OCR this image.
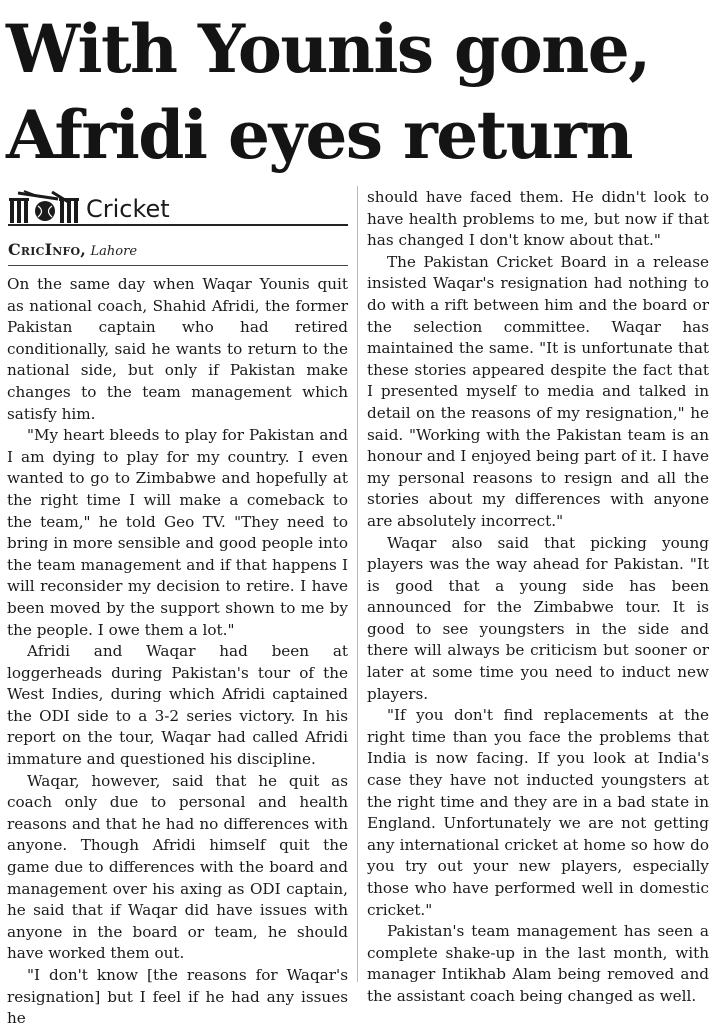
With Younis gone,
Afridi eyes return
Cricket
CricInfo, Lahore

On the same day when Waqar Younis quit as national coach, Shahid Afridi, the former Pakistan captain who had retired conditionally, said he wants to return to the national side, but only if Pakistan make changes to the team management which satisfy him.

"My heart bleeds to play for Pakistan and I am dying to play for my country. I even wanted to go to Zimbabwe and hopefully at the right time I will make a comeback to the team," he told Geo TV. "They need to bring in more sensible and good people into the team management and if that happens I will reconsider my decision to retire. I have been moved by the support shown to me by the people. I owe them a lot."

Afridi and Waqar had been at loggerheads during Pakistan's tour of the West Indies, during which Afridi captained the ODI side to a 3-2 series victory. In his report on the tour, Waqar had called Afridi immature and questioned his discipline.

Waqar, however, said that he quit as coach only due to personal and health reasons and that he had no differences with anyone. Though Afridi himself quit the game due to differences with the board and management over his axing as ODI captain, he said that if Waqar did have issues with anyone in the board or team, he should have worked them out.

"I don't know [the reasons for Waqar's resignation] but I feel if he had any issues he

should have faced them. He didn't look to have health problems to me, but now if that has changed I don't know about that."

The Pakistan Cricket Board in a release insisted Waqar's resignation had nothing to do with a rift between him and the board or the selection committee. Waqar has maintained the same. "It is unfortunate that these stories appeared despite the fact that I presented myself to media and talked in detail on the reasons of my resignation," he said. "Working with the Pakistan team is an honour and I enjoyed being part of it. I have my personal reasons to resign and all the stories about my differences with anyone are absolutely incorrect."

Waqar also said that picking young players was the way ahead for Pakistan. "It is good that a young side has been announced for the Zimbabwe tour. It is good to see youngsters in the side and there will always be criticism but sooner or later at some time you need to induct new players.

"If you don't find replacements at the right time than you face the problems that India is now facing. If you look at India's case they have not inducted youngsters at the right time and they are in a bad state in England. Unfortunately we are not getting any international cricket at home so how do you try out your new players, especially those who have performed well in domestic cricket."

Pakistan's team management has seen a complete shake-up in the last month, with manager Intikhab Alam being removed and the assistant coach being changed as well.
